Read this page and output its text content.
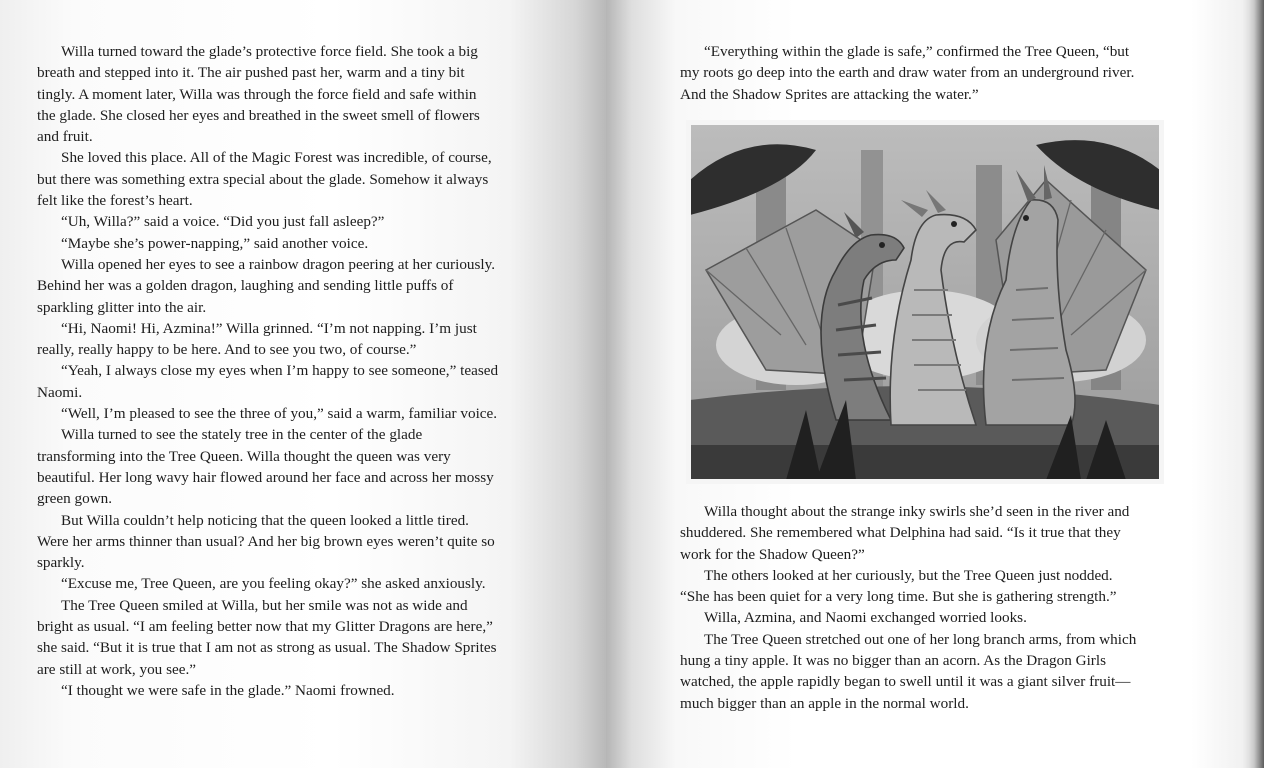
Willa turned toward the glade’s protective force field. She took a big
breath and stepped into it. The air pushed past her, warm and a tiny bit
tingly. A moment later, Willa was through the force field and safe within
the glade. She closed her eyes and breathed in the sweet smell of flowers
and fruit.

She loved this place. All of the Magic Forest was incredible, of course,
but there was something extra special about the glade. Somehow it always
felt like the forest’s heart.

“Uh, Willa?” said a voice. “Did you just fall asleep?”

“Maybe she’s power-napping,” said another voice.

Willa opened her eyes to see a rainbow dragon peering at her curiously.
Behind her was a golden dragon, laughing and sending little puffs of
sparkling glitter into the air.

“Hi, Naomi! Hi, Azmina!” Willa grinned. “I’m not napping. I’m just
really, really happy to be here. And to see you two, of course.”

“Yeah, I always close my eyes when I’m happy to see someone,” teased
Naomi.

“Well, I’m pleased to see the three of you,” said a warm, familiar voice.

Willa turned to see the stately tree in the center of the glade
transforming into the Tree Queen. Willa thought the queen was very
beautiful. Her long wavy hair flowed around her face and across her mossy
green gown.

But Willa couldn’t help noticing that the queen looked a little tired.
Were her arms thinner than usual? And her big brown eyes weren’t quite so
sparkly.

“Excuse me, Tree Queen, are you feeling okay?” she asked anxiously.

The Tree Queen smiled at Willa, but her smile was not as wide and
bright as usual. “I am feeling better now that my Glitter Dragons are here,”
she said. “But it is true that I am not as strong as usual. The Shadow Sprites
are still at work, you see.”

“I thought we were safe in the glade.” Naomi frowned.

“Everything within the glade is safe,” confirmed the Tree Queen, “but
my roots go deep into the earth and draw water from an underground river.
And the Shadow Sprites are attacking the water.”

Willa thought about the strange inky swirls she’d seen in the river and
shuddered. She remembered what Delphina had said. “Is it true that they
work for the Shadow Queen?”

The others looked at her curiously, but the Tree Queen just nodded.
“She has been quiet for a very long time. But she is gathering strength.”

Willa, Azmina, and Naomi exchanged worried looks.

The Tree Queen stretched out one of her long branch arms, from which
hung a tiny apple. It was no bigger than an acorn. As the Dragon Girls
watched, the apple rapidly began to swell until it was a giant silver fruit—
much bigger than an apple in the normal world.
